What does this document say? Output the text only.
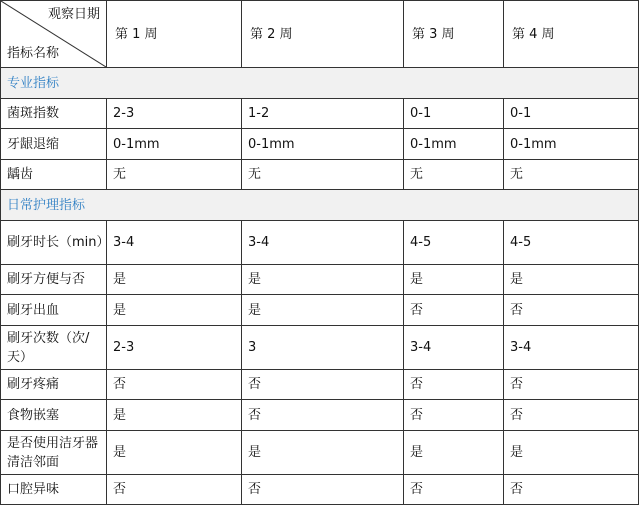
观察日期
指标名称	第 1 周	第 2 周	第 3 周	第 4 周
专业指标				
菌斑指数	2-3	1-2	0-1	0-1
牙龈退缩	0-1mm	0-1mm	0-1mm	0-1mm
龋齿	无	无	无	无
日常护理指标				
刷牙时长（min）	3-4	3-4	4-5	4-5
刷牙方便与否	是	是	是	是
刷牙出血	是	是	否	否
刷牙次数（次/天）	2-3	3	3-4	3-4
刷牙疼痛	否	否	否	否
食物嵌塞	是	否	否	否
是否使用洁牙器清洁邻面	是	是	是	是
口腔异味	否	否	否	否
